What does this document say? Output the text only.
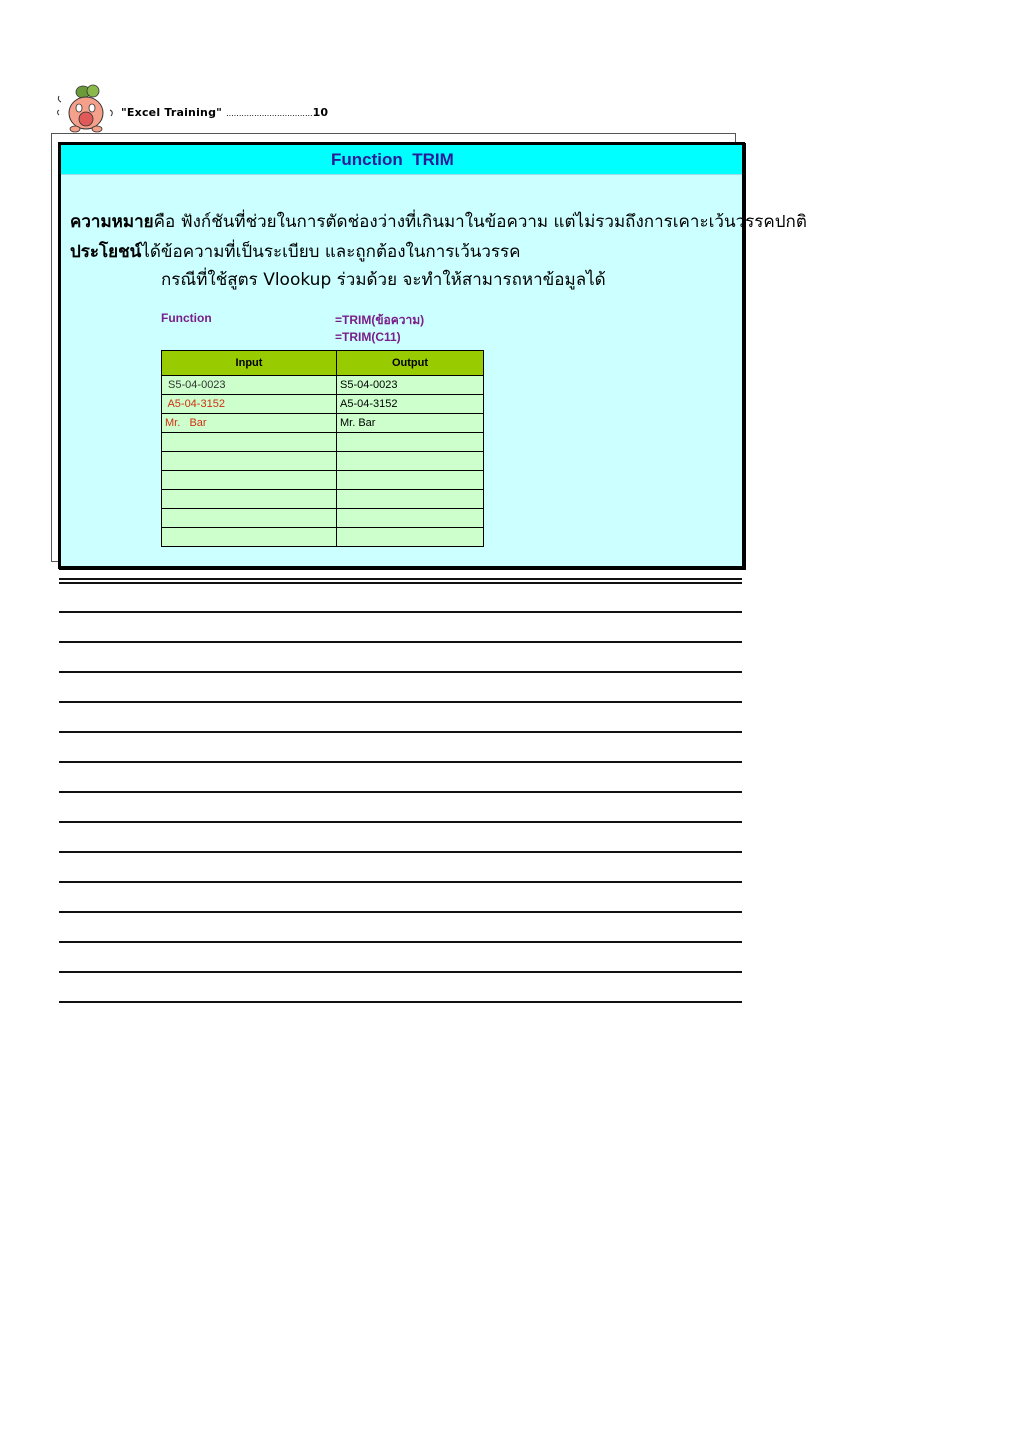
"Excel Training" ..................................10
Function  TRIM
ความหมายคือ ฟังก์ชันที่ช่วยในการตัดช่องว่างที่เกินมาในข้อความ แต่ไม่รวมถึงการเคาะเว้นวรรคปกติ
ประโยชน์ได้ข้อความที่เป็นระเบียบ และถูกต้องในการเว้นวรรค
กรณีที่ใช้สูตร Vlookup ร่วมด้วย จะทำให้สามารถหาข้อมูลได้
Function	=TRIM(ข้อความ)
=TRIM(C11)
Input	Output
S5-04-0023	S5-04-0023
A5-04-3152	A5-04-3152
Mr.   Bar	Mr. Bar
